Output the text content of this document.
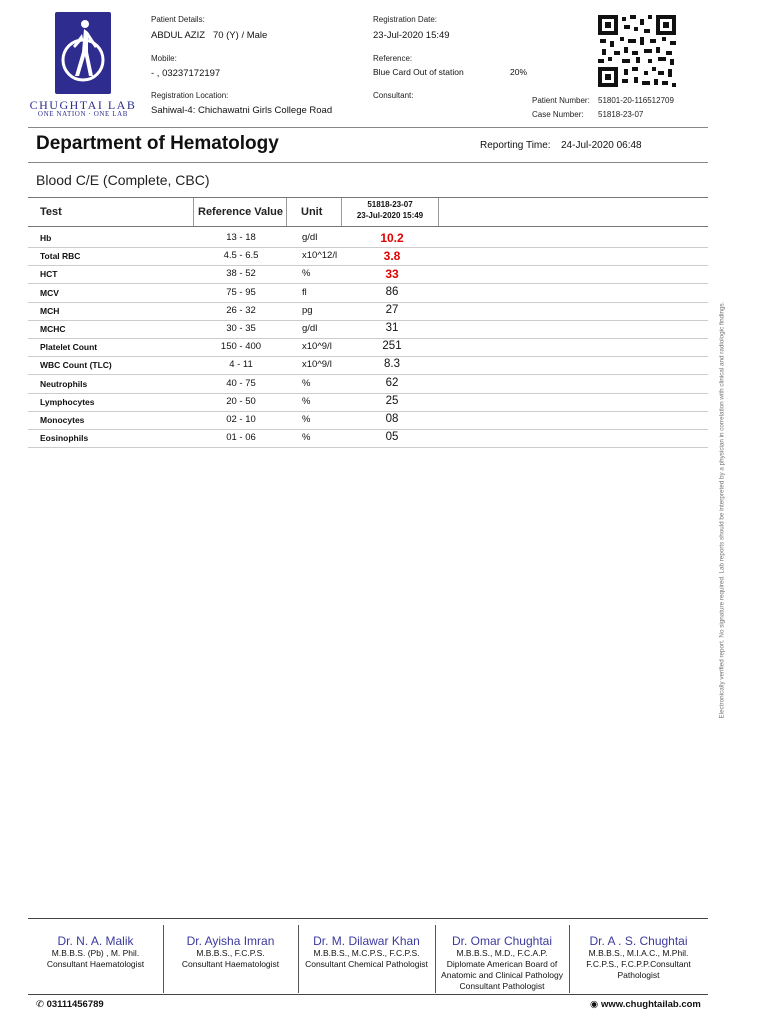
CHUGHTAI LAB
ONE NATION · ONE LAB
Patient Details:
ABDUL AZIZ   70 (Y) / Male
Mobile:
- , 03237172197
Registration Location:
Sahiwal-4: Chichawatni Girls College Road
Registration Date:
23-Jul-2020 15:49
Reference:
Blue Card Out of station	20%
Consultant:
Patient Number: 51801-20-116512709
Case Number: 51818-23-07
Department of Hematology	Reporting Time: 24-Jul-2020 06:48
Blood C/E (Complete, CBC)
Test	Reference Value Unit
51818-23-07
23-Jul-2020 15:49
Hb	13 - 18	g/dl	10.2
Total RBC	4.5 - 6.5	x10^12/l	3.8
HCT	38 - 52	%	33
MCV	75 - 95	fl	86
MCH	26 - 32	pg	27
MCHC	30 - 35	g/dl	31
Platelet Count	150 - 400	x10^9/l	251
WBC Count (TLC)	4 - 11	x10^9/l	8.3
Neutrophils	40 - 75	%	62
Lymphocytes	20 - 50	%	25
Monocytes	02 - 10	%	08
Eosinophils	01 - 06	%	05	Electronically verified report. No signature required. Lab reports should be interpreted by a physician in correlation with clinical and radiologic findings.
Dr. N. A. Malik
M.B.B.S. (Pb) , M. Phil.
Consultant Haematologist
Dr. Ayisha Imran
M.B.B.S., F.C.P.S.
Consultant Haematologist
Dr. M. Dilawar Khan
M.B.B.S., M.C.P.S., F.C.P.S.
Consultant Chemical Pathologist
Dr. Omar Chughtai
M.B.B.S., M.D., F.C.A.P.
Diplomate American Board of Anatomic and Clinical Pathology Consultant Pathologist
Dr. A . S. Chughtai
M.B.B.S., M.I.A.C., M.Phil.
F.C.P.S., F.C.P.P.Consultant Pathologist
✆ 03111456789	◉ www.chughtailab.com
